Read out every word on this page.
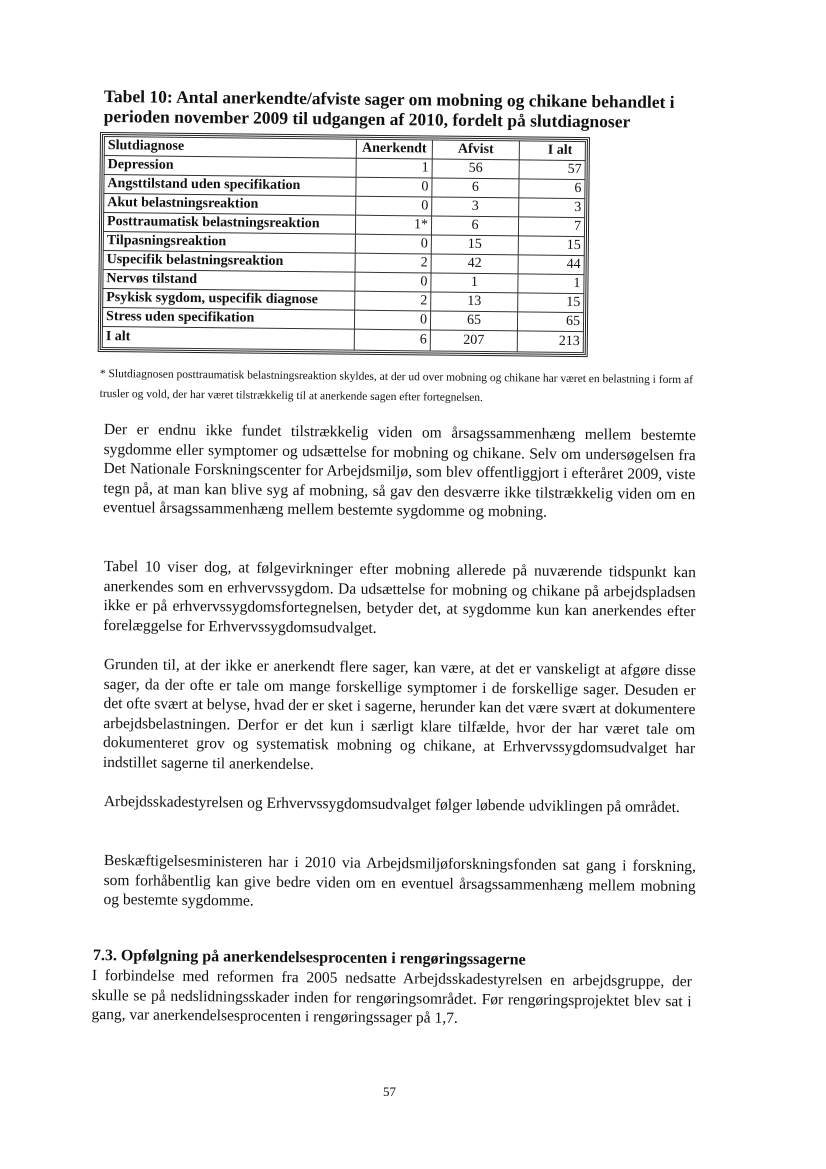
Tabel 10: Antal anerkendte/afviste sager om mobning og chikane behandlet i perioden november 2009 til udgangen af 2010, fordelt på slutdiagnoser
Slutdiagnose	Anerkendt	Afvist	I alt
Depression	1	56	57
Angsttilstand uden specifikation	0	6	6
Akut belastningsreaktion	0	3	3
Posttraumatisk belastningsreaktion	1*	6	7
Tilpasningsreaktion	0	15	15
Uspecifik belastningsreaktion	2	42	44
Nervøs tilstand	0	1	1
Psykisk sygdom, uspecifik diagnose	2	13	15
Stress uden specifikation	0	65	65
I alt	6	207	213
* Slutdiagnosen posttraumatisk belastningsreaktion skyldes, at der ud over mobning og chikane har været en belastning i form af trusler og vold, der har været tilstrækkelig til at anerkende sagen efter fortegnelsen.
Der er endnu ikke fundet tilstrækkelig viden om årsagssammenhæng mellem bestemte sygdomme eller symptomer og udsættelse for mobning og chikane. Selv om undersøgelsen fra Det Nationale Forskningscenter for Arbejdsmiljø, som blev offentliggjort i efteråret 2009, viste tegn på, at man kan blive syg af mobning, så gav den desværre ikke tilstrækkelig viden om en eventuel årsagssammenhæng mellem bestemte sygdomme og mobning.
Tabel 10 viser dog, at følgevirkninger efter mobning allerede på nuværende tidspunkt kan anerkendes som en erhvervssygdom. Da udsættelse for mobning og chikane på arbejdspladsen ikke er på erhvervssygdomsfortegnelsen, betyder det, at sygdomme kun kan anerkendes efter forelæggelse for Erhvervssygdomsudvalget.
Grunden til, at der ikke er anerkendt flere sager, kan være, at det er vanskeligt at afgøre disse sager, da der ofte er tale om mange forskellige symptomer i de forskellige sager. Desuden er det ofte svært at belyse, hvad der er sket i sagerne, herunder kan det være svært at dokumentere arbejdsbelastningen. Derfor er det kun i særligt klare tilfælde, hvor der har været tale om dokumenteret grov og systematisk mobning og chikane, at Erhvervssygdomsudvalget har indstillet sagerne til anerkendelse.
Arbejdsskadestyrelsen og Erhvervssygdomsudvalget følger løbende udviklingen på området.
Beskæftigelsesministeren har i 2010 via Arbejdsmiljøforskningsfonden sat gang i forskning, som forhåbentlig kan give bedre viden om en eventuel årsagssammenhæng mellem mobning og bestemte sygdomme.
7.3. Opfølgning på anerkendelsesprocenten i rengøringssagerne
I forbindelse med reformen fra 2005 nedsatte Arbejdsskadestyrelsen en arbejdsgruppe, der skulle se på nedslidningsskader inden for rengøringsområdet. Før rengøringsprojektet blev sat i gang, var anerkendelsesprocenten i rengøringssager på 1,7.
57
